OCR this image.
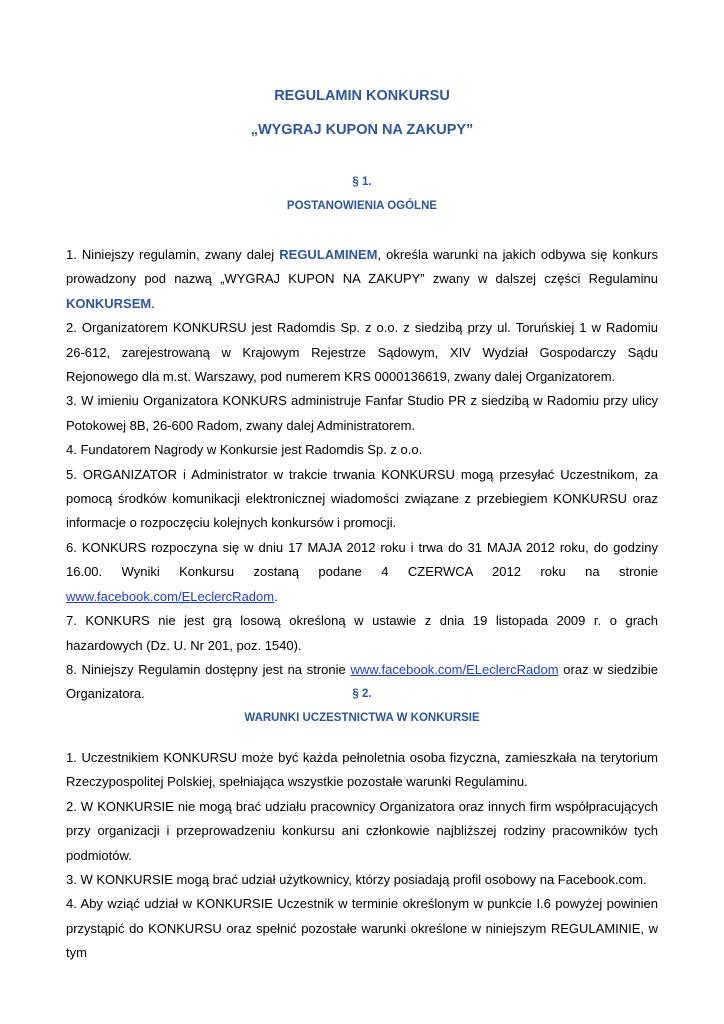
REGULAMIN KONKURSU
„WYGRAJ KUPON NA ZAKUPY”
§ 1.
POSTANOWIENIA OGÓLNE

1. Niniejszy regulamin, zwany dalej REGULAMINEM, określa warunki na jakich odbywa się konkurs prowadzony pod nazwą „WYGRAJ KUPON NA ZAKUPY” zwany w dalszej części Regulaminu KONKURSEM.

2. Organizatorem KONKURSU jest Radomdis Sp. z o.o. z siedzibą przy ul. Toruńskiej 1 w Radomiu 26-612, zarejestrowaną w Krajowym Rejestrze Sądowym, XIV Wydział Gospodarczy Sądu Rejonowego dla m.st. Warszawy, pod numerem KRS 0000136619, zwany dalej Organizatorem.

3. W imieniu Organizatora KONKURS administruje Fanfar Studio PR z siedzibą w Radomiu przy ulicy Potokowej 8B, 26-600 Radom, zwany dalej Administratorem.

4. Fundatorem Nagrody w Konkursie jest Radomdis Sp. z o.o.

5. ORGANIZATOR i Administrator w trakcie trwania KONKURSU mogą przesyłać Uczestnikom, za pomocą środków komunikacji elektronicznej wiadomości związane z przebiegiem KONKURSU oraz informacje o rozpoczęciu kolejnych konkursów i promocji.

6. KONKURS rozpoczyna się w dniu 17 MAJA 2012 roku i trwa do 31 MAJA 2012 roku, do godziny 16.00. Wyniki Konkursu zostaną podane 4 CZERWCA 2012 roku na stronie www.facebook.com/ELeclercRadom.

7. KONKURS nie jest grą losową określoną w ustawie z dnia 19 listopada 2009 r. o grach hazardowych (Dz. U. Nr 201, poz. 1540).

8. Niniejszy Regulamin dostępny jest na stronie www.facebook.com/ELeclercRadom oraz w siedzibie Organizatora.	§ 2.
WARUNKI UCZESTNICTWA W KONKURSIE

1. Uczestnikiem KONKURSU może być każda pełnoletnia osoba fizyczna, zamieszkała na terytorium Rzeczypospolitej Polskiej, spełniająca wszystkie pozostałe warunki Regulaminu.

2. W KONKURSIE nie mogą brać udziału pracownicy Organizatora oraz innych firm współpracujących przy organizacji i przeprowadzeniu konkursu ani członkowie najbliższej rodziny pracowników tych podmiotów.

3. W KONKURSIE mogą brać udział użytkownicy, którzy posiadają profil osobowy na Facebook.com.

4. Aby wziąć udział w KONKURSIE Uczestnik w terminie określonym w punkcie I.6 powyżej powinien przystąpić do KONKURSU oraz spełnić pozostałe warunki określone w niniejszym REGULAMINIE, w tym
